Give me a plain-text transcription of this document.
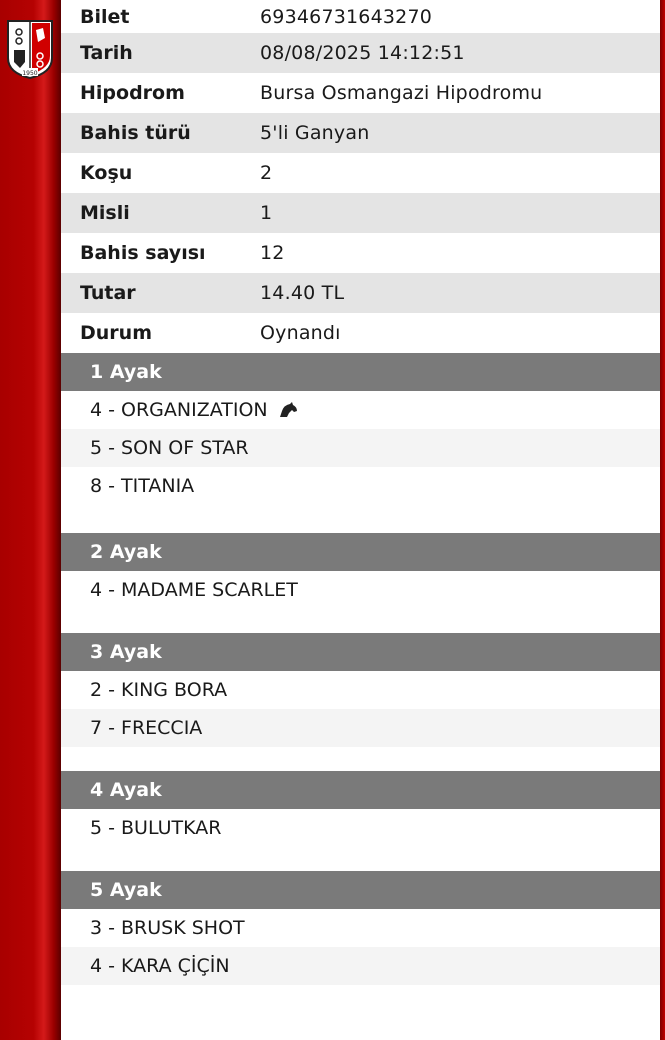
1950
Bilet	69346731643270
Tarih	08/08/2025 14:12:51
Hipodrom	Bursa Osmangazi Hipodromu
Bahis türü	5'li Ganyan
Koşu	2
Misli	1
Bahis sayısı	12
Tutar	14.40 TL
Durum	Oynandı
1 Ayak
4 - ORGANIZATION
5 - SON OF STAR
8 - TITANIA
2 Ayak
4 - MADAME SCARLET
3 Ayak
2 - KING BORA
7 - FRECCIA
4 Ayak
5 - BULUTKAR
5 Ayak
3 - BRUSK SHOT
4 - KARA ÇİÇİN
